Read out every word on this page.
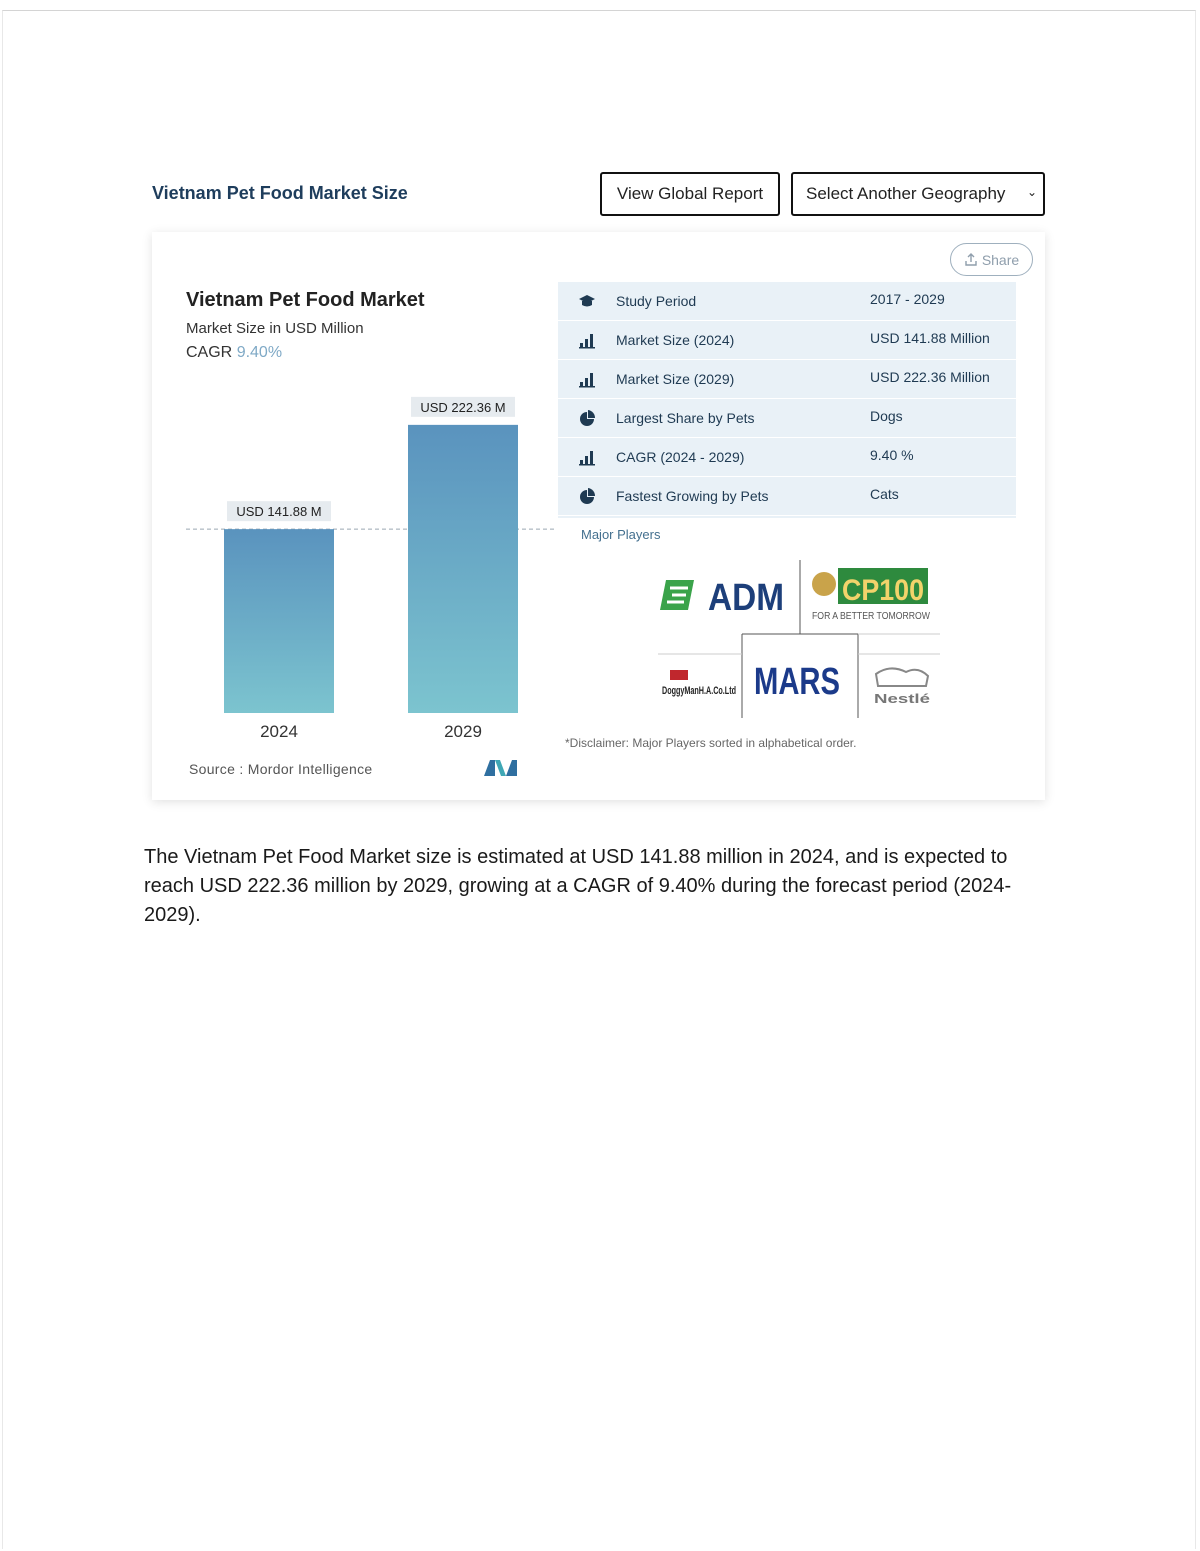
Vietnam Pet Food Market Size	View Global Report	Select Another Geography ⌄
Vietnam Pet Food Market
Market Size in USD Million
CAGR 9.40%
USD 141.88 M
2024
USD 222.36 M
2029
Source : Mordor Intelligence
Share
Study Period	2017 - 2029
Market Size (2024)	USD 141.88 Million
Market Size (2029)	USD 222.36 Million
Largest Share by Pets	Dogs
CAGR (2024 - 2029)	9.40 %
Fastest Growing by Pets	Cats
Major Players
ADM CP100
FOR A BETTER TOMORROW
DoggyManH.A.Co.Ltd MARS	Nestlé
*Disclaimer: Major Players sorted in alphabetical order.
The Vietnam Pet Food Market size is estimated at USD 141.88 million in 2024, and is expected to reach USD 222.36 million by 2029, growing at a CAGR of 9.40% during the forecast period (2024-2029).
